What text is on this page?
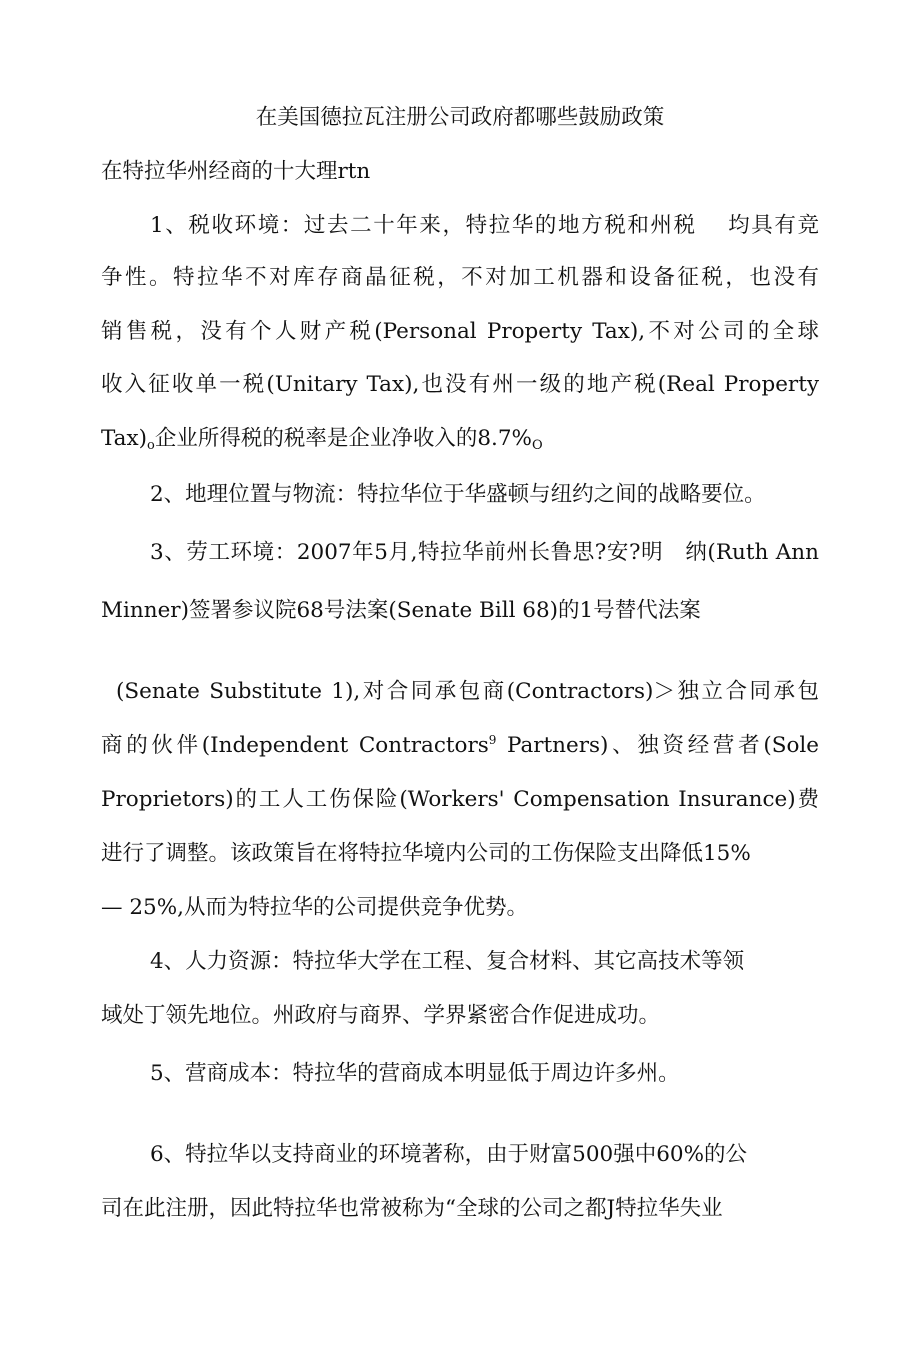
在美国德拉瓦注册公司政府都哪些鼓励政策

在特拉华州经商的十大理rtn

1、税收环境：过去二十年来，特拉华的地方税和州税　 均具有竞

争性。特拉华不对库存商晶征税，不对加工机器和设备征税，也没有

销售税，没有个人财产税(Personal Property Tax),不对公司的全球

收入征收单一税(Unitary Tax),也没有州一级的地产税(Real Property

$Tax)_o$企业所得税的税率是企业净收入的$8.7\%_O$

2、地理位置与物流：特拉华位于华盛顿与纽约之间的战略要位。

3、劳工环境：2007年5月,特拉华前州长鲁思?安?明　纳(Ruth Ann

Minner)签署参议院68号法案(Senate Bill 68)的1号替代法案

(Senate Substitute 1),对合同承包商(Contractors)＞独立合同承包

商的伙伴(Independent Contractors$^9$ Partners)、独资经营者(Sole

Proprietors)的工人工伤保险(Workers' Compensation Insurance)费

进行了调整。该政策旨在将特拉华境内公司的工伤保险支出降低15%

— 25%,从而为特拉华的公司提供竞争优势。

4、人力资源：特拉华大学在工程、复合材料、其它高技术等领

域处丁领先地位。州政府与商界、学界紧密合作促进成功。

5、营商成本：特拉华的营商成本明显低于周边许多州。

6、特拉华以支持商业的环境著称，由于财富500强中60%的公

司在此注册，因此特拉华也常被称为“全球的公司之都J特拉华失业
